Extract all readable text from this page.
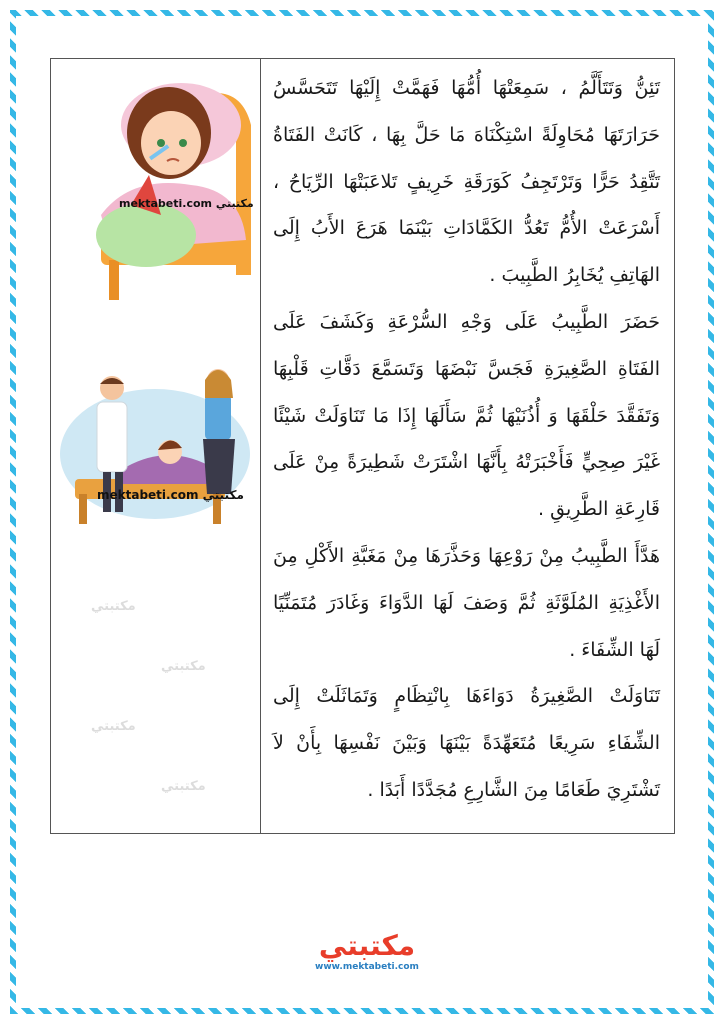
mektabeti.com مكتبتي
mektabeti.com مكتبتي
مكتبتي
مكتبتي
مكتبتي
مكتبتي

تَئِنُّ وَتَتَأَلَّمُ ، سَمِعَتْهَا أُمُّهَا فَهَمَّتْ إِلَيْهَا تَتَحَسَّسُ حَرَارَتَهَا مُحَاوِلَةً اسْتِكْنَاهَ مَا حَلَّ بِهَا ، كَانَتْ الفَتَاةُ تَتَّقِدُ حَرًّا وَتَرْتَجِفُ كَوَرَقَةِ خَرِيفٍ تَلاعَبَتْهَا الرِّيَاحُ ، أَسْرَعَتْ الأُمُّ تَعُدُّ الكَمَّادَاتِ بَيْنَمَا هَرَعَ الأَبُ إِلَى الهَاتِفِ يُخَابِرُ الطَّبِيبَ .

حَضَرَ الطَّبِيبُ عَلَى وَجْهِ السُّرْعَةِ وَكَشَفَ عَلَى الفَتَاةِ الصَّغِيرَةِ فَجَسَّ نَبْضَهَا وَتَسَمَّعَ دَقَّاتِ قَلْبِهَا وَتَفَقَّدَ حَلْقَهَا وَ أُذُنَيْهَا ثُمَّ سَأَلَهَا إِذَا مَا تَنَاوَلَتْ شَيْئًا غَيْرَ صِحِيٍّ فَأَخْبَرَتْهُ بِأَنَّهَا اشْتَرَتْ شَطِيرَةً مِنْ عَلَى قَارِعَةِ الطَّرِيقِ .

هَدَّأَ الطَّبِيبُ مِنْ رَوْعِهَا وَحَذَّرَهَا مِنْ مَغَبَّةِ الأَكْلِ مِنَ الأَغْذِيَةِ المُلَوَّثَةِ ثُمَّ وَصَفَ لَهَا الدَّوَاءَ وَغَادَرَ مُتَمَنِّيًا لَهَا الشِّفَاءَ .

تَنَاوَلَتْ الصَّغِيرَةُ دَوَاءَهَا بِانْتِظَامٍ وَتَمَاثَلَتْ إِلَى الشِّفَاءِ سَرِيعًا مُتَعَهِّدَةً بَيْنَهَا وَبَيْنَ نَفْسِهَا بِأَنْ لاَ تَشْتَرِيَ طَعَامًا مِنَ الشَّارِعِ مُجَدَّدًا أَبَدًا .

مكتبتي
www.mektabeti.com
